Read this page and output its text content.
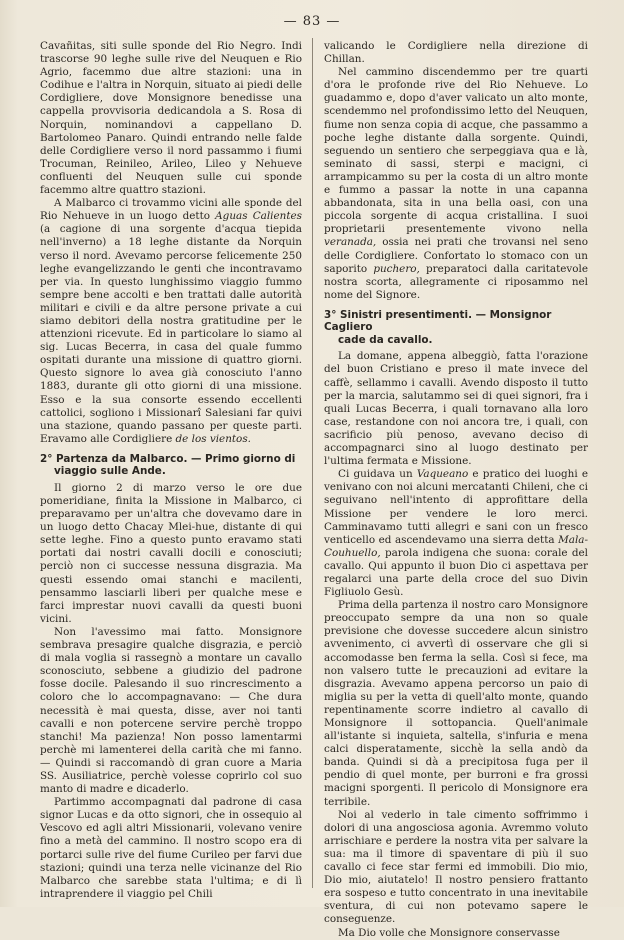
— 83 —

Cavañitas, siti sulle sponde del Rio Negro. Indi trascorse 90 leghe sulle rive del Neuquen e Rio Agrio, facemmo due altre stazioni: una in Codihue e l'altra in Norquin, situato ai piedi delle Cordigliere, dove Monsignore benedisse una cappella provvisoria dedicandola a S. Rosa di Norquin, nominandovi a cappellano D. Bartolomeo Panaro. Quindi entrando nelle falde delle Cordigliere verso il nord passammo i fiumi Trocuman, Reinileo, Arileo, Lileo y Nehueve confluenti del Neuquen sulle cui sponde facemmo altre quattro stazioni.

A Malbarco ci trovammo vicini alle sponde del Rio Nehueve in un luogo detto Aguas Calientes (a cagione di una sorgente d'acqua tiepida nell'inverno) a 18 leghe distante da Norquin verso il nord. Avevamo percorse felicemente 250 leghe evangelizzando le genti che incontravamo per via. In questo lunghissimo viaggio fummo sempre bene accolti e ben trattati dalle autorità militari e civili e da altre persone private a cui siamo debitori della nostra gratitudine per le attenzioni ricevute. Ed in particolare lo siamo al sig. Lucas Becerra, in casa del quale fummo ospitati durante una missione di quattro giorni. Questo signore lo avea già conosciuto l'anno 1883, durante gli otto giorni di una missione. Esso e la sua consorte essendo eccellenti cattolici, sogliono i Missionarî Salesiani far quivi una stazione, quando passano per queste parti. Eravamo alle Cordigliere de los vientos.

2° Partenza da Malbarco. — Primo giorno di
viaggio sulle Ande.

Il giorno 2 di marzo verso le ore due pomeridiane, finita la Missione in Malbarco, ci preparavamo per un'altra che dovevamo dare in un luogo detto Chacay Mlei-hue, distante di qui sette leghe. Fino a questo punto eravamo stati portati dai nostri cavalli docili e conosciuti; perciò non ci successe nessuna disgrazia. Ma questi essendo omai stanchi e macilenti, pensammo lasciarli liberi per qualche mese e farci imprestar nuovi cavalli da questi buoni vicini.

Non l'avessimo mai fatto. Monsignore sembrava presagire qualche disgrazia, e perciò di mala voglia si rassegnò a montare un cavallo sconosciuto, sebbene a giudizio del padrone fosse docile. Palesando il suo rincrescimento a coloro che lo accompagnavano: — Che dura necessità è mai questa, disse, aver noi tanti cavalli e non potercene servire perchè troppo stanchi! Ma pazienza! Non posso lamentarmi perchè mi lamenterei della carità che mi fanno. — Quindi si raccomandò di gran cuore a Maria SS. Ausiliatrice, perchè volesse coprirlo col suo manto di madre e dicaderlo.

Partimmo accompagnati dal padrone di casa signor Lucas e da otto signori, che in ossequio al Vescovo ed agli altri Missionarii, volevano venire fino a metà del cammino. Il nostro scopo era di portarci sulle rive del fiume Curileo per farvi due stazioni; quindi una terza nelle vicinanze del Rio Malbarco che sarebbe stata l'ultima; e di lì intraprendere il viaggio pel Chili

valicando le Cordigliere nella direzione di Chillan.

Nel cammino discendemmo per tre quarti d'ora le profonde rive del Rio Nehueve. Lo guadammo e, dopo d'aver valicato un alto monte, scendemmo nel profondissimo letto del Neuquen, fiume non senza copia di acque, che passammo a poche leghe distante dalla sorgente. Quindi, seguendo un sentiero che serpeggiava qua e là, seminato di sassi, sterpi e macigni, ci arrampicammo su per la costa di un altro monte e fummo a passar la notte in una capanna abbandonata, sita in una bella oasi, con una piccola sorgente di acqua cristallina. I suoi proprietarii presentemente vivono nella veranada, ossia nei prati che trovansi nel seno delle Cordigliere. Confortato lo stomaco con un saporito puchero, preparatoci dalla caritatevole nostra scorta, allegramente ci riposammo nel nome del Signore.

3° Sinistri presentimenti. — Monsignor Cagliero
cade da cavallo.

La domane, appena albeggiò, fatta l'orazione del buon Cristiano e preso il mate invece del caffè, sellammo i cavalli. Avendo disposto il tutto per la marcia, salutammo sei di quei signori, fra i quali Lucas Becerra, i quali tornavano alla loro case, restandone con noi ancora tre, i quali, con sacrificio più penoso, avevano deciso di accompagnarci sino al luogo destinato per l'ultima fermata e Missione.

Ci guidava un Vaqueano e pratico dei luoghi e venivano con noi alcuni mercatanti Chileni, che ci seguivano nell'intento di approfittare della Missione per vendere le loro merci. Camminavamo tutti allegri e sani con un fresco venticello ed ascendevamo una sierra detta Mala-Couhuello, parola indigena che suona: corale del cavallo. Qui appunto il buon Dio ci aspettava per regalarci una parte della croce del suo Divin Figliuolo Gesù.

Prima della partenza il nostro caro Monsignore preoccupato sempre da una non so quale previsione che dovesse succedere alcun sinistro avvenimento, ci avvertì di osservare che gli si accomodasse ben ferma la sella. Così si fece, ma non valsero tutte le precauzioni ad evitare la disgrazia. Avevamo appena percorso un paio di miglia su per la vetta di quell'alto monte, quando repentinamente scorre indietro al cavallo di Monsignore il sottopancia. Quell'animale all'istante si inquieta, saltella, s'infuria e mena calci disperatamente, sicchè la sella andò da banda. Quindi si dà a precipitosa fuga per il pendio di quel monte, per burroni e fra grossi macigni sporgenti. Il pericolo di Monsignore era terribile.

Noi al vederlo in tale cimento soffrimmo i dolori di una angosciosa agonia. Avremmo voluto arrischiare e perdere la nostra vita per salvare la sua: ma il timore di spaventare di più il suo cavallo ci fece star fermi ed immobili. Dio mio, Dio mio, aiutatelo! Il nostro pensiero frattanto era sospeso e tutto concentrato in una inevitabile sventura, di cui non potevamo sapere le conseguenze.

Ma Dio volle che Monsignore conservasse
